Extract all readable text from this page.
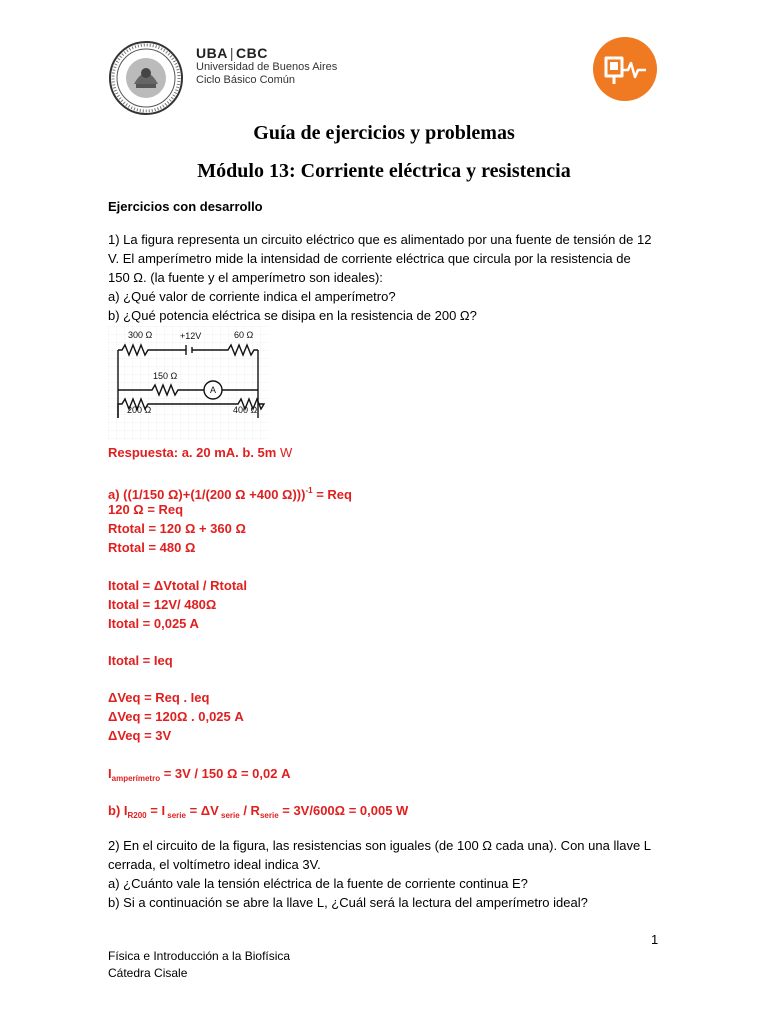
UBA | CBC
Universidad de Buenos Aires
Ciclo Básico Común
Guía de ejercicios y problemas
Módulo 13: Corriente eléctrica y resistencia
Ejercicios con desarrollo
1) La figura representa un circuito eléctrico que es alimentado por una fuente de tensión de 12
V. El amperímetro mide la intensidad de corriente eléctrica que circula por la resistencia de
150 Ω. (la fuente y el amperímetro son ideales):
a) ¿Qué valor de corriente indica el amperímetro?
b) ¿Qué potencia eléctrica se disipa en la resistencia de 200 Ω?
300 Ω	+12V	60 Ω
150 Ω
A
200 Ω	400 Ω
Respuesta: a. 20 mA. b. 5m W
a) ((1/150 Ω)+(1/(200 Ω +400 Ω)))$^{-1}$ = Req
120 Ω = Req
Rtotal = 120 Ω + 360 Ω
Rtotal = 480 Ω
Itotal = ΔVtotal / Rtotal
Itotal = 12V/ 480Ω
Itotal = 0,025 A
Itotal = Ieq
ΔVeq = Req . Ieq
ΔVeq = 120Ω . 0,025 A
ΔVeq = 3V
$I_{amperímetro} = 3V / 150$ Ω = 0,02 A
b) $I_{R200} = I$ $_{serie}$ = ΔV $_{serie} / R_{serie} = 3V/600\Omega = 0,005$ W
2) En el circuito de la figura, las resistencias son iguales (de 100 Ω cada una). Con una llave L
cerrada, el voltímetro ideal indica 3V.
a) ¿Cuánto vale la tensión eléctrica de la fuente de corriente continua E?
b) Si a continuación se abre la llave L, ¿Cuál será la lectura del amperímetro ideal?
1
Física e Introducción a la Biofísica
Cátedra Cisale
